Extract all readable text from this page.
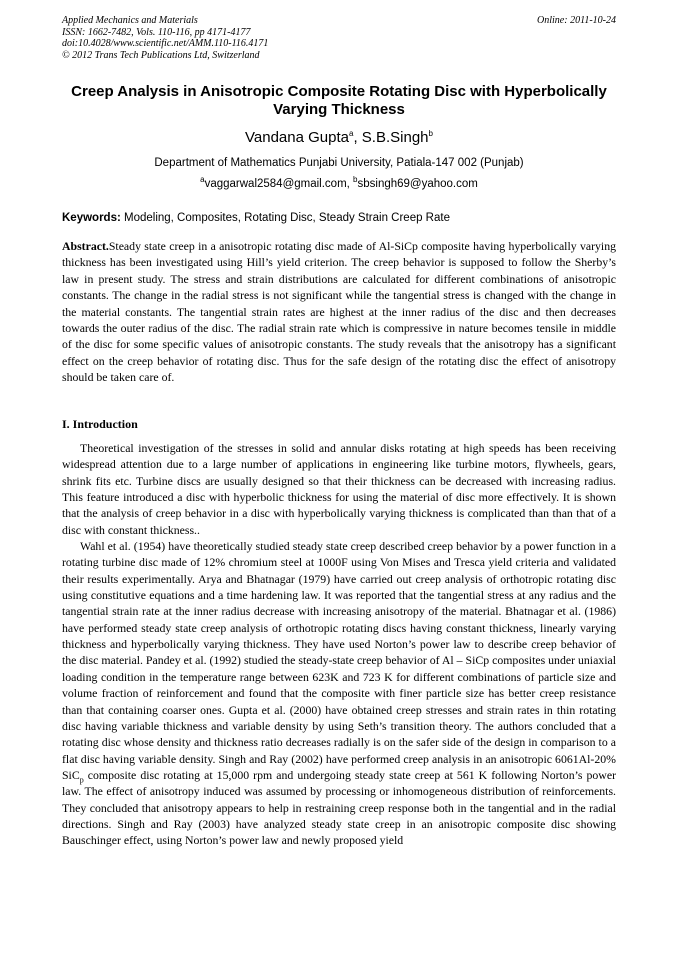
Applied Mechanics and Materials
ISSN: 1662-7482, Vols. 110-116, pp 4171-4177
doi:10.4028/www.scientific.net/AMM.110-116.4171
© 2012 Trans Tech Publications Ltd, Switzerland
Online: 2011-10-24
Creep Analysis in Anisotropic Composite Rotating Disc with Hyperbolically Varying Thickness
Vandana Gupta$^a$, S.B.Singh$^b$
Department of Mathematics Punjabi University, Patiala-147 002 (Punjab)
$^a$vaggarwal2584@gmail.com, $^b$sbsingh69@yahoo.com
Keywords: Modeling, Composites, Rotating Disc, Steady Strain Creep Rate

Abstract.Steady state creep in a anisotropic rotating disc made of Al-SiCp composite having hyperbolically varying thickness has been investigated using Hill’s yield criterion. The creep behavior is supposed to follow the Sherby’s law in present study. The stress and strain distributions are calculated for different combinations of anisotropic constants. The change in the radial stress is not significant while the tangential stress is changed with the change in the material constants. The tangential strain rates are highest at the inner radius of the disc and then decreases towards the outer radius of the disc. The radial strain rate which is compressive in nature becomes tensile in middle of the disc for some specific values of anisotropic constants. The study reveals that the anisotropy has a significant effect on the creep behavior of rotating disc. Thus for the safe design of the rotating disc the effect of anisotropy should be taken care of.

I. Introduction

Theoretical investigation of the stresses in solid and annular disks rotating at high speeds has been receiving widespread attention due to a large number of applications in engineering like turbine motors, flywheels, gears, shrink fits etc. Turbine discs are usually designed so that their thickness can be decreased with increasing radius. This feature introduced a disc with hyperbolic thickness for using the material of disc more effectively. It is shown that the analysis of creep behavior in a disc with hyperbolically varying thickness is complicated than than that of a disc with constant thickness..

Wahl et al. (1954) have theoretically studied steady state creep described creep behavior by a power function in a rotating turbine disc made of 12% chromium steel at 1000F using Von Mises and Tresca yield criteria and validated their results experimentally. Arya and Bhatnagar (1979) have carried out creep analysis of orthotropic rotating disc using constitutive equations and a time hardening law. It was reported that the tangential stress at any radius and the tangential strain rate at the inner radius decrease with increasing anisotropy of the material. Bhatnagar et al. (1986) have performed steady state creep analysis of orthotropic rotating discs having constant thickness, linearly varying thickness and hyperbolically varying thickness. They have used Norton’s power law to describe creep behavior of the disc material. Pandey et al. (1992) studied the steady-state creep behavior of Al – SiCp composites under uniaxial loading condition in the temperature range between 623K and 723 K for different combinations of particle size and volume fraction of reinforcement and found that the composite with finer particle size has better creep resistance than that containing coarser ones. Gupta et al. (2000) have obtained creep stresses and strain rates in thin rotating disc having variable thickness and variable density by using Seth’s transition theory. The authors concluded that a rotating disc whose density and thickness ratio decreases radially is on the safer side of the design in comparison to a flat disc having variable density. Singh and Ray (2002) have performed creep analysis in an anisotropic 6061Al-20% SiC$_p$ composite disc rotating at 15,000 rpm and undergoing steady state creep at 561 K following Norton’s power law. The effect of anisotropy induced was assumed by processing or inhomogeneous distribution of reinforcements. They concluded that anisotropy appears to help in restraining creep response both in the tangential and in the radial directions. Singh and Ray (2003) have analyzed steady state creep in an anisotropic composite disc showing Bauschinger effect, using Norton’s power law and newly proposed yield
